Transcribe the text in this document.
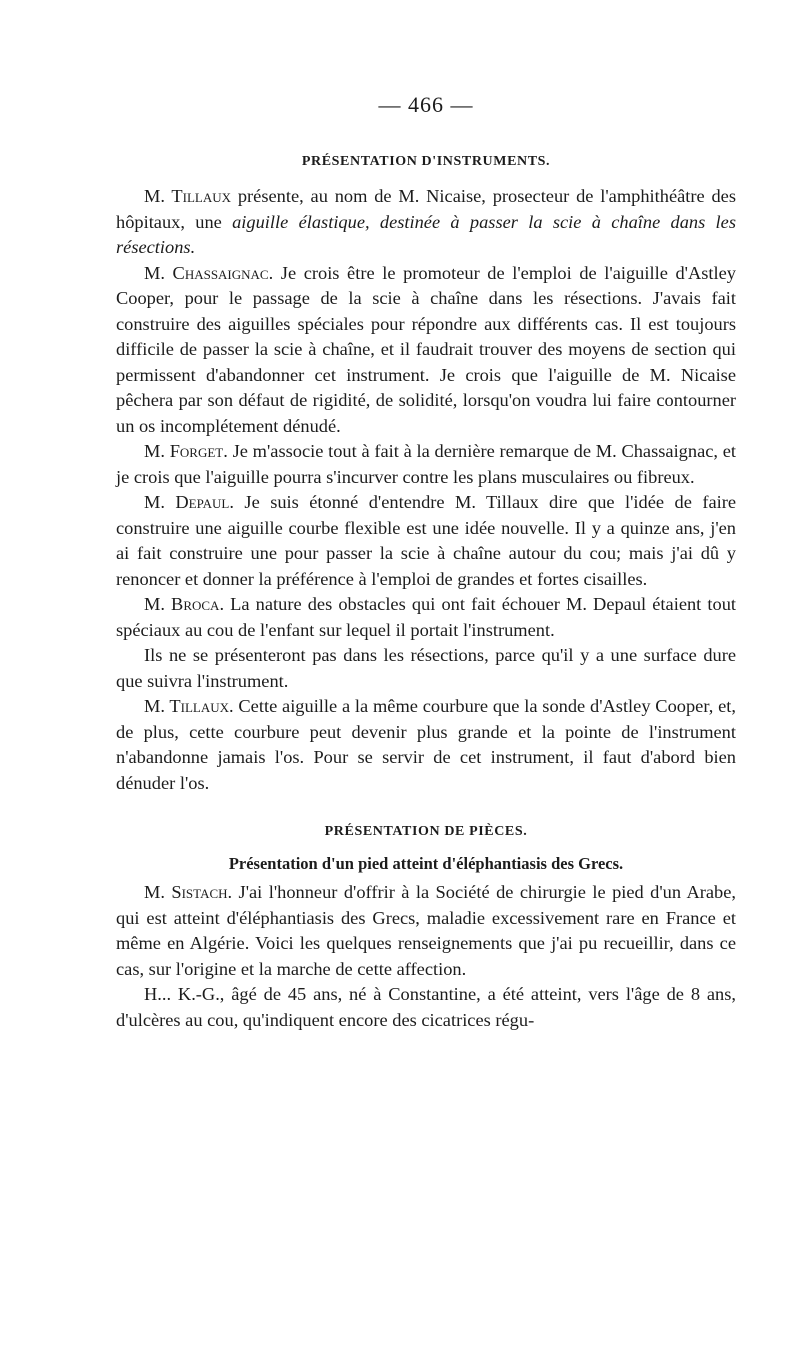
— 466 —
PRÉSENTATION D'INSTRUMENTS.

M. Tillaux présente, au nom de M. Nicaise, prosecteur de l'amphithéâtre des hôpitaux, une aiguille élastique, destinée à passer la scie à chaîne dans les résections.

M. Chassaignac. Je crois être le promoteur de l'emploi de l'aiguille d'Astley Cooper, pour le passage de la scie à chaîne dans les résections. J'avais fait construire des aiguilles spéciales pour répondre aux différents cas. Il est toujours difficile de passer la scie à chaîne, et il faudrait trouver des moyens de section qui permissent d'abandonner cet instrument. Je crois que l'aiguille de M. Nicaise pêchera par son défaut de rigidité, de solidité, lorsqu'on voudra lui faire contourner un os incomplétement dénudé.

M. Forget. Je m'associe tout à fait à la dernière remarque de M. Chassaignac, et je crois que l'aiguille pourra s'incurver contre les plans musculaires ou fibreux.

M. Depaul. Je suis étonné d'entendre M. Tillaux dire que l'idée de faire construire une aiguille courbe flexible est une idée nouvelle. Il y a quinze ans, j'en ai fait construire une pour passer la scie à chaîne autour du cou; mais j'ai dû y renoncer et donner la préférence à l'emploi de grandes et fortes cisailles.

M. Broca. La nature des obstacles qui ont fait échouer M. Depaul étaient tout spéciaux au cou de l'enfant sur lequel il portait l'instrument.

Ils ne se présenteront pas dans les résections, parce qu'il y a une surface dure que suivra l'instrument.

M. Tillaux. Cette aiguille a la même courbure que la sonde d'Astley Cooper, et, de plus, cette courbure peut devenir plus grande et la pointe de l'instrument n'abandonne jamais l'os. Pour se servir de cet instrument, il faut d'abord bien dénuder l'os.

PRÉSENTATION DE PIÈCES.
Présentation d'un pied atteint d'éléphantiasis des Grecs.

M. Sistach. J'ai l'honneur d'offrir à la Société de chirurgie le pied d'un Arabe, qui est atteint d'éléphantiasis des Grecs, maladie excessivement rare en France et même en Algérie. Voici les quelques renseignements que j'ai pu recueillir, dans ce cas, sur l'origine et la marche de cette affection.

H... K.-G., âgé de 45 ans, né à Constantine, a été atteint, vers l'âge de 8 ans, d'ulcères au cou, qu'indiquent encore des cicatrices régu-
